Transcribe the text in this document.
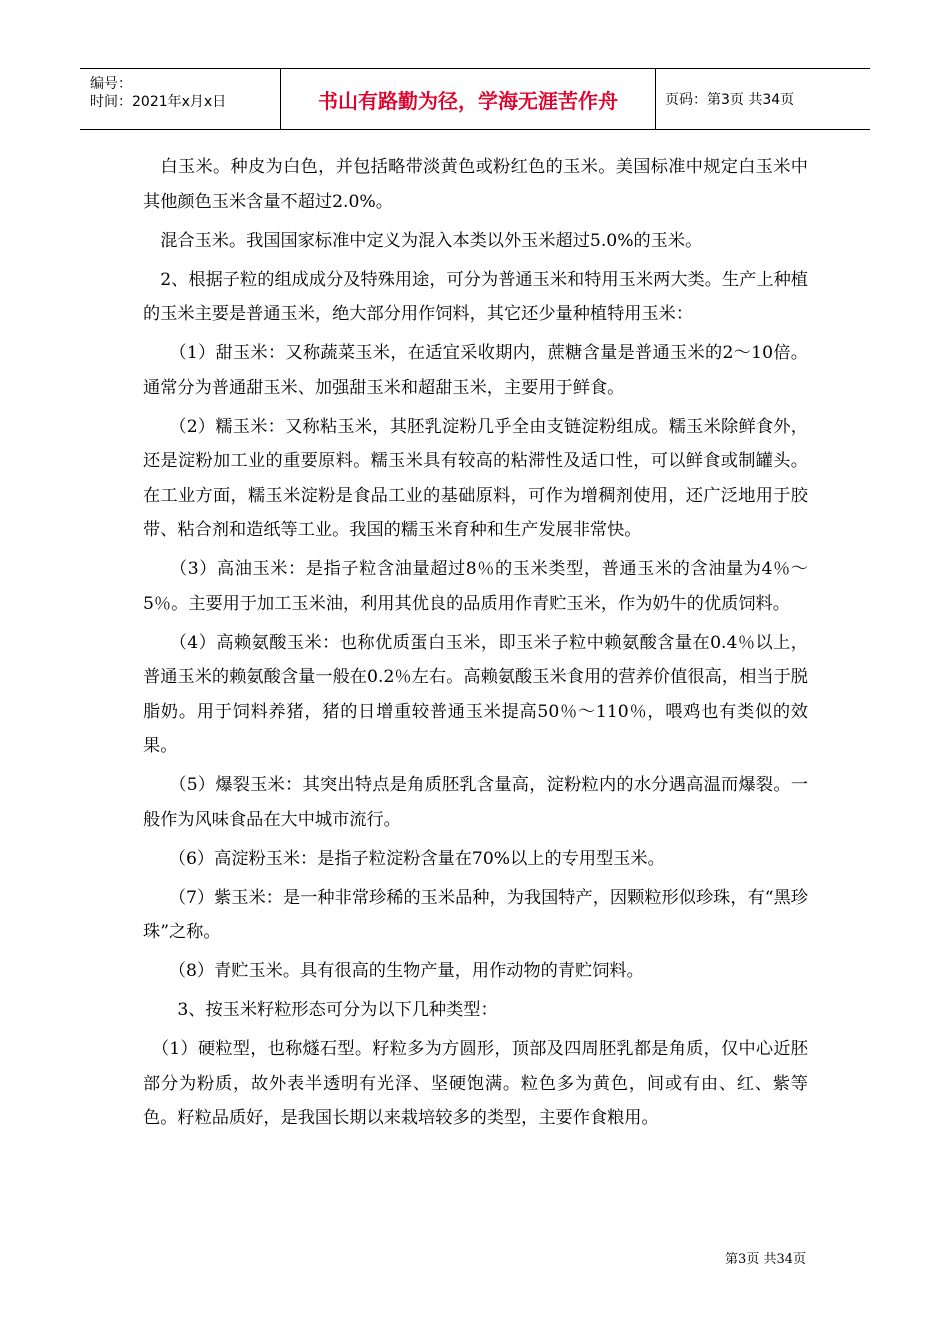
编号：
时间：2021年x月x日	书山有路勤为径，学海无涯苦作舟	页码：第3页 共34页

　白玉米。种皮为白色，并包括略带淡黄色或粉红色的玉米。美国标准中规定白玉米中其他颜色玉米含量不超过2.0%。

　混合玉米。我国国家标准中定义为混入本类以外玉米超过5.0%的玉米。

　2、根据子粒的组成成分及特殊用途，可分为普通玉米和特用玉米两大类。生产上种植的玉米主要是普通玉米，绝大部分用作饲料，其它还少量种植特用玉米：

　　（1）甜玉米：又称蔬菜玉米，在适宜采收期内，蔗糖含量是普通玉米的2～10倍。通常分为普通甜玉米、加强甜玉米和超甜玉米，主要用于鲜食。

　　（2）糯玉米：又称粘玉米，其胚乳淀粉几乎全由支链淀粉组成。糯玉米除鲜食外，还是淀粉加工业的重要原料。糯玉米具有较高的粘滞性及适口性，可以鲜食或制罐头。在工业方面，糯玉米淀粉是食品工业的基础原料，可作为增稠剂使用，还广泛地用于胶带、粘合剂和造纸等工业。我国的糯玉米育种和生产发展非常快。

　　（3）高油玉米：是指子粒含油量超过8％的玉米类型，普通玉米的含油量为4％～5％。主要用于加工玉米油，利用其优良的品质用作青贮玉米，作为奶牛的优质饲料。

　　（4）高赖氨酸玉米：也称优质蛋白玉米，即玉米子粒中赖氨酸含量在0.4％以上，普通玉米的赖氨酸含量一般在0.2％左右。高赖氨酸玉米食用的营养价值很高，相当于脱脂奶。用于饲料养猪，猪的日增重较普通玉米提高50％～110％，喂鸡也有类似的效果。

　　（5）爆裂玉米：其突出特点是角质胚乳含量高，淀粉粒内的水分遇高温而爆裂。一般作为风味食品在大中城市流行。

　　（6）高淀粉玉米：是指子粒淀粉含量在70%以上的专用型玉米。

　　（7）紫玉米：是一种非常珍稀的玉米品种，为我国特产，因颗粒形似珍珠，有“黑珍珠”之称。

　　（8）青贮玉米。具有很高的生物产量，用作动物的青贮饲料。

　　3、按玉米籽粒形态可分为以下几种类型：

　（1）硬粒型，也称燧石型。籽粒多为方圆形，顶部及四周胚乳都是角质，仅中心近胚部分为粉质，故外表半透明有光泽、坚硬饱满。粒色多为黄色，间或有由、红、紫等色。籽粒品质好，是我国长期以来栽培较多的类型，主要作食粮用。

第3页 共34页
